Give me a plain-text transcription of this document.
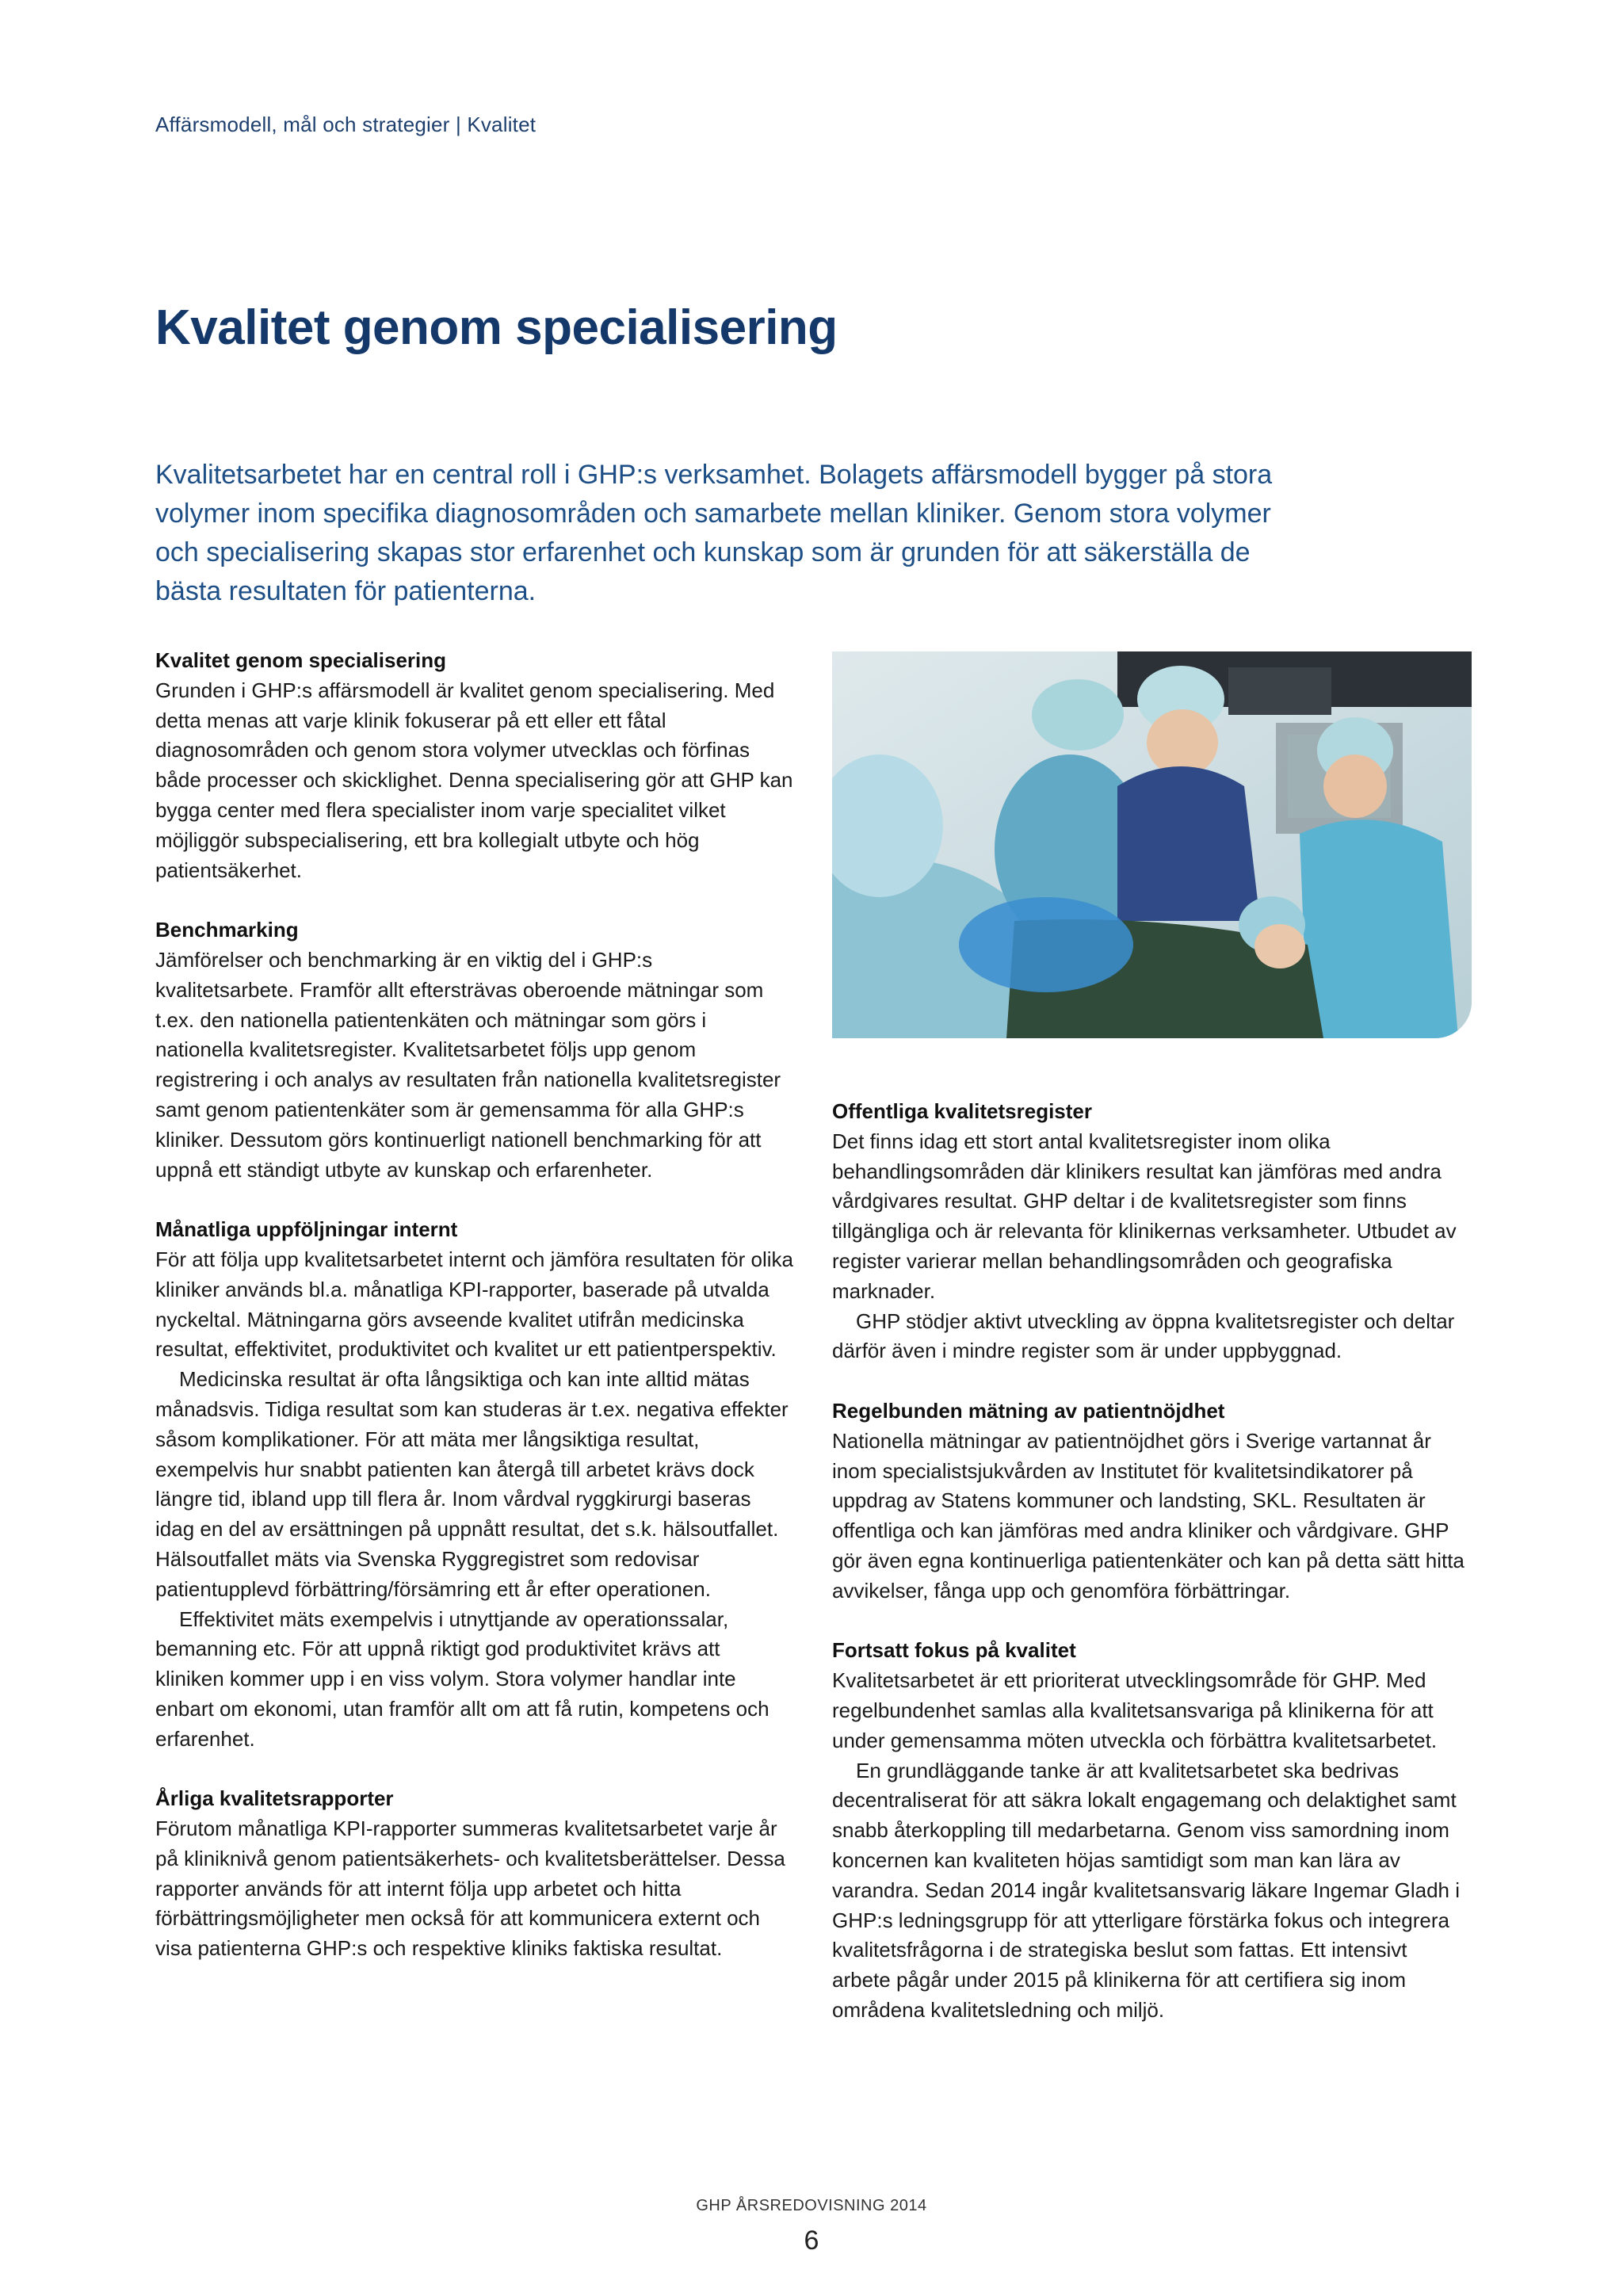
Affärsmodell, mål och strategier | Kvalitet
Kvalitet genom specialisering

Kvalitetsarbetet har en central roll i GHP:s verksamhet. Bolagets affärsmodell bygger på stora volymer inom specifika diagnosområden och samarbete mellan kliniker. Genom stora volymer och specialisering skapas stor erfarenhet och kunskap som är grunden för att säkerställa de bästa resultaten för patienterna.

Kvalitet genom specialisering

Grunden i GHP:s affärsmodell är kvalitet genom specialisering. Med detta menas att varje klinik fokuserar på ett eller ett fåtal diagnosområden och genom stora volymer utvecklas och förfinas både processer och skicklighet. Denna specialisering gör att GHP kan bygga center med flera specialister inom varje specialitet vilket möjliggör subspecialisering, ett bra kollegialt utbyte och hög patientsäkerhet.

Benchmarking

Jämförelser och benchmarking är en viktig del i GHP:s kvalitetsarbete. Framför allt eftersträvas oberoende mätningar som t.ex. den nationella patientenkäten och mätningar som görs i nationella kvalitetsregister. Kvalitetsarbetet följs upp genom registrering i och analys av resultaten från nationella kvalitetsregister samt genom patientenkäter som är gemensamma för alla GHP:s kliniker. Dessutom görs kontinuerligt nationell benchmarking för att uppnå ett ständigt utbyte av kunskap och erfarenheter.

Månatliga uppföljningar internt

För att följa upp kvalitetsarbetet internt och jämföra resultaten för olika kliniker används bl.a. månatliga KPI-rapporter, baserade på utvalda nyckeltal. Mätningarna görs avseende kvalitet utifrån medicinska resultat, effektivitet, produktivitet och kvalitet ur ett patientperspektiv.

Medicinska resultat är ofta långsiktiga och kan inte alltid mätas månadsvis. Tidiga resultat som kan studeras är t.ex. negativa effekter såsom komplikationer. För att mäta mer långsiktiga resultat, exempelvis hur snabbt patienten kan återgå till arbetet krävs dock längre tid, ibland upp till flera år. Inom vårdval ryggkirurgi baseras idag en del av ersättningen på uppnått resultat, det s.k. hälsoutfallet. Hälsoutfallet mäts via Svenska Ryggregistret som redovisar patientupplevd förbättring/försämring ett år efter operationen.

Effektivitet mäts exempelvis i utnyttjande av operationssalar, bemanning etc. För att uppnå riktigt god produktivitet krävs att kliniken kommer upp i en viss volym. Stora volymer handlar inte enbart om ekonomi, utan framför allt om att få rutin, kompetens och erfarenhet.

Årliga kvalitetsrapporter

Förutom månatliga KPI-rapporter summeras kvalitetsarbetet varje år på kliniknivå genom patientsäkerhets- och kvalitetsberättelser. Dessa rapporter används för att internt följa upp arbetet och hitta förbättringsmöjligheter men också för att kommunicera externt och visa patienterna GHP:s och respektive kliniks faktiska resultat.

Offentliga kvalitetsregister

Det finns idag ett stort antal kvalitetsregister inom olika behandlingsområden där klinikers resultat kan jämföras med andra vårdgivares resultat. GHP deltar i de kvalitetsregister som finns tillgängliga och är relevanta för klinikernas verksamheter. Utbudet av register varierar mellan behandlingsområden och geografiska marknader.

GHP stödjer aktivt utveckling av öppna kvalitetsregister och deltar därför även i mindre register som är under uppbyggnad.

Regelbunden mätning av patientnöjdhet

Nationella mätningar av patientnöjdhet görs i Sverige vartannat år inom specialistsjukvården av Institutet för kvalitetsindikatorer på uppdrag av Statens kommuner och landsting, SKL. Resultaten är offentliga och kan jämföras med andra kliniker och vårdgivare. GHP gör även egna kontinuerliga patientenkäter och kan på detta sätt hitta avvikelser, fånga upp och genomföra förbättringar.

Fortsatt fokus på kvalitet

Kvalitetsarbetet är ett prioriterat utvecklingsområde för GHP. Med regelbundenhet samlas alla kvalitetsansvariga på klinikerna för att under gemensamma möten utveckla och förbättra kvalitetsarbetet.

En grundläggande tanke är att kvalitetsarbetet ska bedrivas decentraliserat för att säkra lokalt engagemang och delaktighet samt snabb återkoppling till medarbetarna. Genom viss samordning inom koncernen kan kvaliteten höjas samtidigt som man kan lära av varandra. Sedan 2014 ingår kvalitetsansvarig läkare Ingemar Gladh i GHP:s ledningsgrupp för att ytterligare förstärka fokus och integrera kvalitetsfrågorna i de strategiska beslut som fattas. Ett intensivt arbete pågår under 2015 på klinikerna för att certifiera sig inom områdena kvalitetsledning och miljö.

GHP ÅRSREDOVISNING 2014
6
